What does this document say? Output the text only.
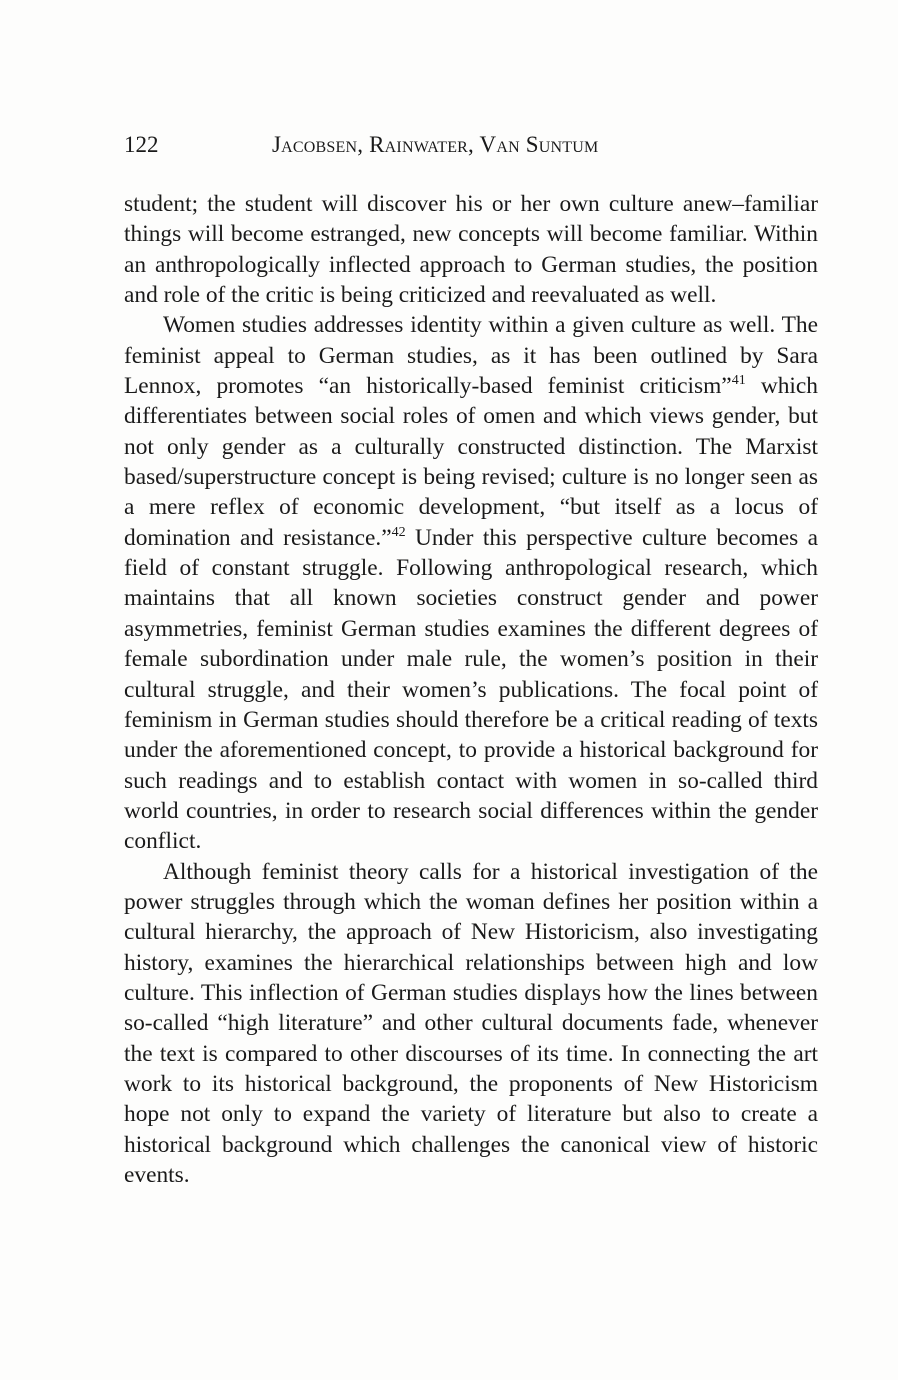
122	Jacobsen, Rainwater, Van Suntum

student; the student will discover his or her own culture anew–familiar things will become estranged, new concepts will become familiar. Within an anthropologically inflected approach to German studies, the position and role of the critic is being criticized and reevaluated as well.

Women studies addresses identity within a given culture as well. The feminist appeal to German studies, as it has been outlined by Sara Lennox, promotes “an historically-based feminist criticism”$^{41}$ which differentiates between social roles of omen and which views gender, but not only gender as a culturally constructed distinction. The Marxist based/superstructure concept is being revised; culture is no longer seen as a mere reflex of economic development, “but itself as a locus of domination and resistance.”$^{42}$ Under this perspective culture becomes a field of constant struggle. Following anthropological research, which maintains that all known societies construct gender and power asymmetries, feminist German studies examines the different degrees of female subordination under male rule, the women’s position in their cultural struggle, and their women’s publications. The focal point of feminism in German studies should therefore be a critical reading of texts under the aforementioned concept, to provide a historical background for such readings and to establish contact with women in so-called third world countries, in order to research social differences within the gender conflict.

Although feminist theory calls for a historical investigation of the power struggles through which the woman defines her position within a cultural hierarchy, the approach of New Historicism, also investigating history, examines the hierarchical relationships between high and low culture. This inflection of German studies displays how the lines between so-called “high literature” and other cultural documents fade, whenever the text is compared to other discourses of its time. In connecting the art work to its historical background, the proponents of New Historicism hope not only to expand the variety of literature but also to create a historical background which challenges the canonical view of historic events.
